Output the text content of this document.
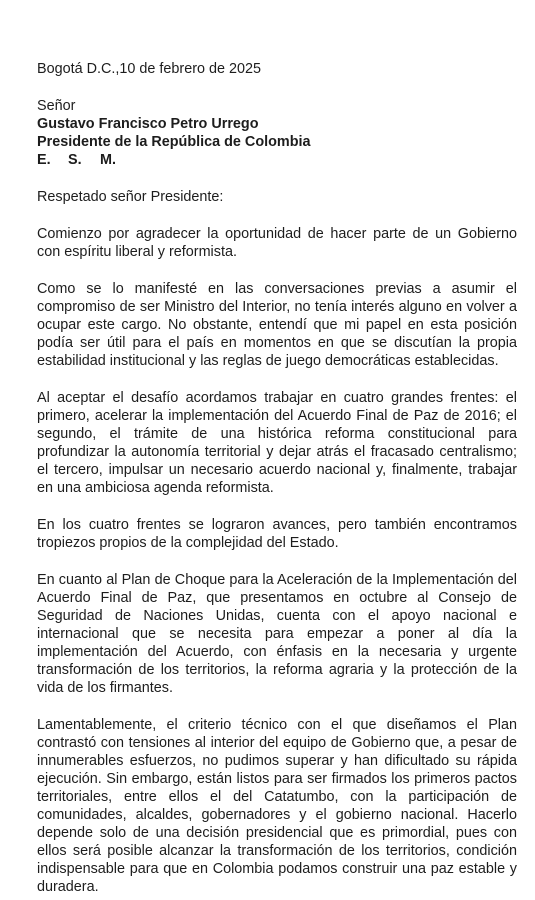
Bogotá D.C.,10 de febrero de 2025

Señor

Gustavo Francisco Petro Urrego

Presidente de la República de Colombia

E. S. M.

Respetado señor Presidente:

Comienzo por agradecer la oportunidad de hacer parte de un Gobierno con espíritu liberal y reformista.

Como se lo manifesté en las conversaciones previas a asumir el compromiso de ser Ministro del Interior, no tenía interés alguno en volver a ocupar este cargo. No obstante, entendí que mi papel en esta posición podía ser útil para el país en momentos en que se discutían la propia estabilidad institucional y las reglas de juego democráticas establecidas.

Al aceptar el desafío acordamos trabajar en cuatro grandes frentes: el primero, acelerar la implementación del Acuerdo Final de Paz de 2016; el segundo, el trámite de una histórica reforma constitucional para profundizar la autonomía territorial y dejar atrás el fracasado centralismo; el tercero, impulsar un necesario acuerdo nacional y, finalmente, trabajar en una ambiciosa agenda reformista.

En los cuatro frentes se lograron avances, pero también encontramos tropiezos propios de la complejidad del Estado.

En cuanto al Plan de Choque para la Aceleración de la Implementación del Acuerdo Final de Paz, que presentamos en octubre al Consejo de Seguridad de Naciones Unidas, cuenta con el apoyo nacional e internacional que se necesita para empezar a poner al día la implementación del Acuerdo, con énfasis en la necesaria y urgente transformación de los territorios, la reforma agraria y la protección de la vida de los firmantes.

Lamentablemente, el criterio técnico con el que diseñamos el Plan contrastó con tensiones al interior del equipo de Gobierno que, a pesar de innumerables esfuerzos, no pudimos superar y han dificultado su rápida ejecución. Sin embargo, están listos para ser firmados los primeros pactos territoriales, entre ellos el del Catatumbo, con la participación de comunidades, alcaldes, gobernadores y el gobierno nacional. Hacerlo depende solo de una decisión presidencial que es primordial, pues con ellos será posible alcanzar la transformación de los territorios, condición indispensable para que en Colombia podamos construir una paz estable y duradera.
